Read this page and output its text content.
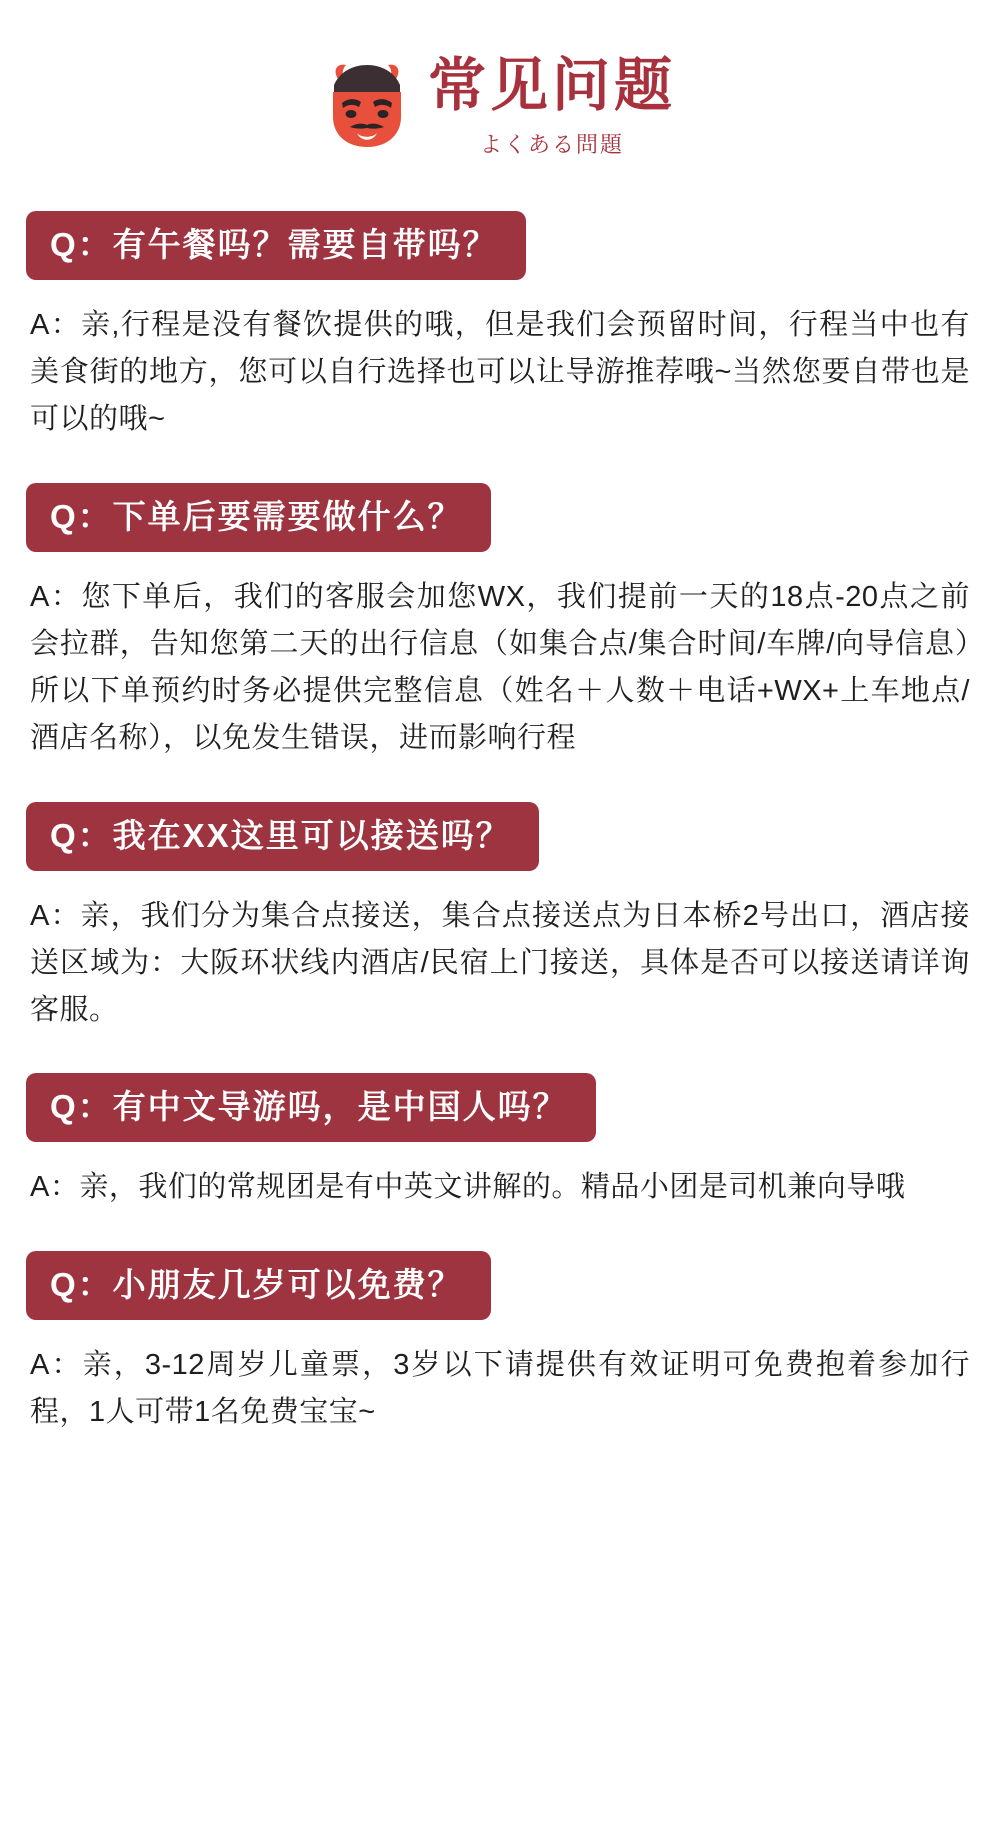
常见问题
よくある問題
Q：有午餐吗？需要自带吗？
A：亲,行程是没有餐饮提供的哦，但是我们会预留时间，行程当中也有美食街的地方，您可以自行选择也可以让导游推荐哦~当然您要自带也是可以的哦~
Q：下单后要需要做什么？
A：您下单后，我们的客服会加您WX，我们提前一天的18点-20点之前会拉群，告知您第二天的出行信息（如集合点/集合时间/车牌/向导信息）所以下单预约时务必提供完整信息（姓名＋人数＋电话+WX+上车地点/酒店名称），以免发生错误，进而影响行程
Q：我在XX这里可以接送吗？
A：亲，我们分为集合点接送，集合点接送点为日本桥2号出口，酒店接送区域为：大阪环状线内酒店/民宿上门接送，具体是否可以接送请详询客服。
Q：有中文导游吗，是中国人吗？
A：亲，我们的常规团是有中英文讲解的。精品小团是司机兼向导哦
Q：小朋友几岁可以免费？
A：亲，3-12周岁儿童票，3岁以下请提供有效证明可免费抱着参加行程，1人可带1名免费宝宝~
